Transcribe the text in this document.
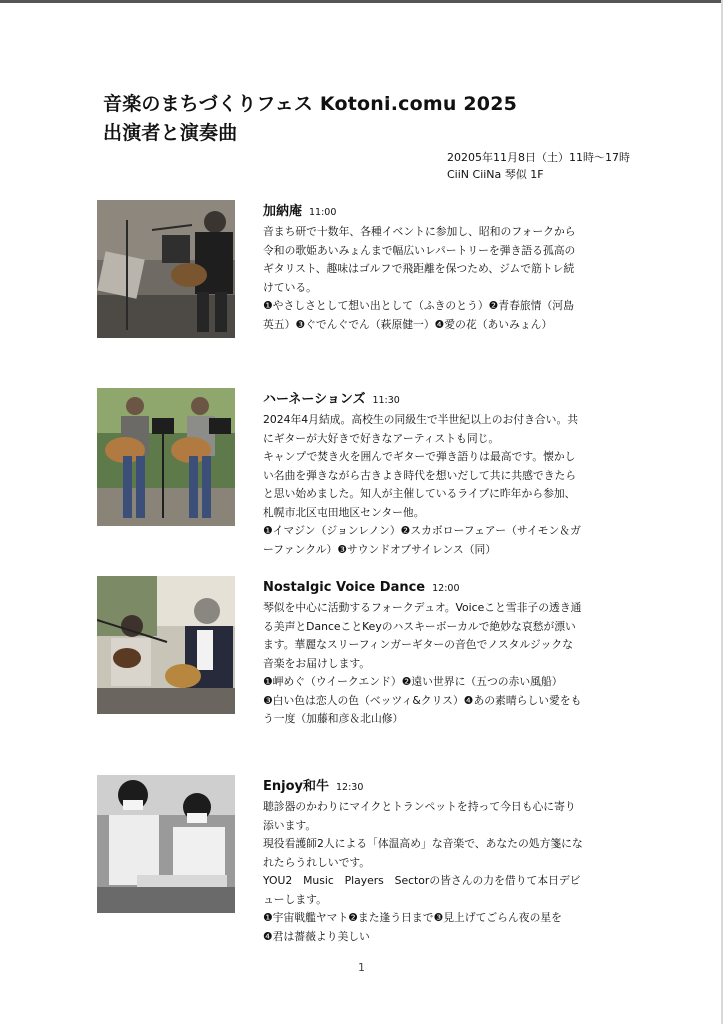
音楽のまちづくりフェス Kotoni.comu 2025
出演者と演奏曲
20205年11月8日（土）11時〜17時
CiiN CiiNa 琴似 1F
加納庵 11:00

音まち研で十数年、各種イベントに参加し、昭和のフォークから令和の歌姫あいみょんまで幅広いレパートリーを弾き語る孤高のギタリスト、趣味はゴルフで飛距離を保つため、ジムで筋トレ続けている。

❶やさしさとして想い出として（ふきのとう）❷青春旅情（河島英五）❸ぐでんぐでん（萩原健一）❹愛の花（あいみょん）

ハーネーションズ 11:30

2024年4月結成。高校生の同級生で半世紀以上のお付き合い。共にギターが大好きで好きなアーティストも同じ。
キャンプで焚き火を囲んでギターで弾き語りは最高です。懐かしい名曲を弾きながら古きよき時代を想いだして共に共感できたらと思い始めました。知人が主催しているライブに昨年から参加、札幌市北区屯田地区センター他。

❶イマジン（ジョンレノン）❷スカボローフェアー（サイモン＆ガーファンクル）❸サウンドオブサイレンス（同）

Nostalgic Voice Dance 12:00

琴似を中心に活動するフォークデュオ。Voiceこと雪非子の透き通る美声とDanceことKeyのハスキーボーカルで絶妙な哀愁が漂います。華麗なスリーフィンガーギターの音色でノスタルジックな音楽をお届けします。

❶岬めぐ（ウイークエンド）❷遠い世界に（五つの赤い風船）
❸白い色は恋人の色（ベッツィ&クリス）❹あの素晴らしい愛をもう一度（加藤和彦＆北山修）

Enjoy和牛 12:30

聴診器のかわりにマイクとトランペットを持って今日も心に寄り添います。
現役看護師2人による「体温高め」な音楽で、あなたの処方箋になれたらうれしいです。
YOU2　Music　Players　Sectorの皆さんの力を借りて本日デビューします。

❶宇宙戦艦ヤマト❷また逢う日まで❸見上げてごらん夜の星を
❹君は薔薇より美しい

1
